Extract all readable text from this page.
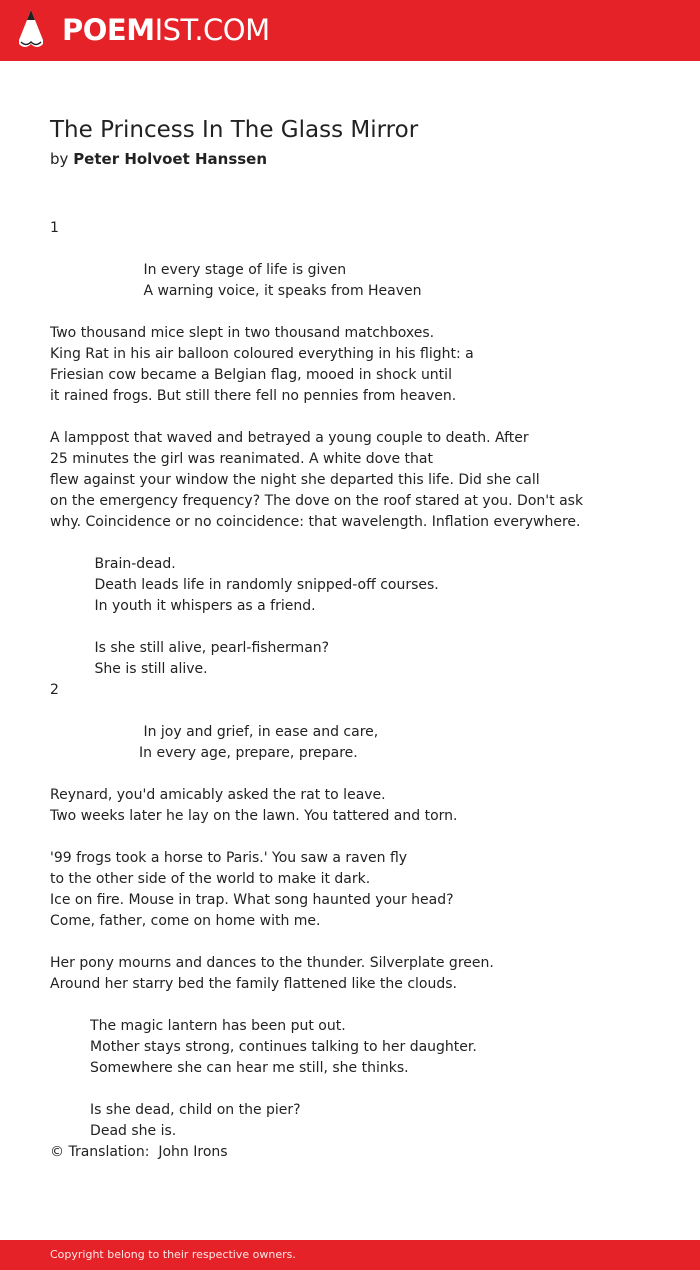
POEMIST.COM
The Princess In The Glass Mirror
by Peter Holvoet Hanssen
1
In every stage of life is given
A warning voice, it speaks from Heaven
Two thousand mice slept in two thousand matchboxes.
King Rat in his air balloon coloured everything in his flight: a
Friesian cow became a Belgian flag, mooed in shock until
it rained frogs. But still there fell no pennies from heaven.
A lamppost that waved and betrayed a young couple to death. After
25 minutes the girl was reanimated. A white dove that
flew against your window the night she departed this life. Did she call
on the emergency frequency? The dove on the roof stared at you. Don't ask
why. Coincidence or no coincidence: that wavelength. Inflation everywhere.
Brain-dead.
Death leads life in randomly snipped-off courses.
In youth it whispers as a friend.
Is she still alive, pearl-fisherman?
She is still alive.
2
In joy and grief, in ease and care,
In every age, prepare, prepare.
Reynard, you'd amicably asked the rat to leave.
Two weeks later he lay on the lawn. You tattered and torn.
'99 frogs took a horse to Paris.' You saw a raven fly
to the other side of the world to make it dark.
Ice on fire. Mouse in trap. What song haunted your head?
Come, father, come on home with me.
Her pony mourns and dances to the thunder. Silverplate green.
Around her starry bed the family flattened like the clouds.
The magic lantern has been put out.
Mother stays strong, continues talking to her daughter.
Somewhere she can hear me still, she thinks.
Is she dead, child on the pier?
Dead she is.
© Translation:  John Irons
Copyright belong to their respective owners.
